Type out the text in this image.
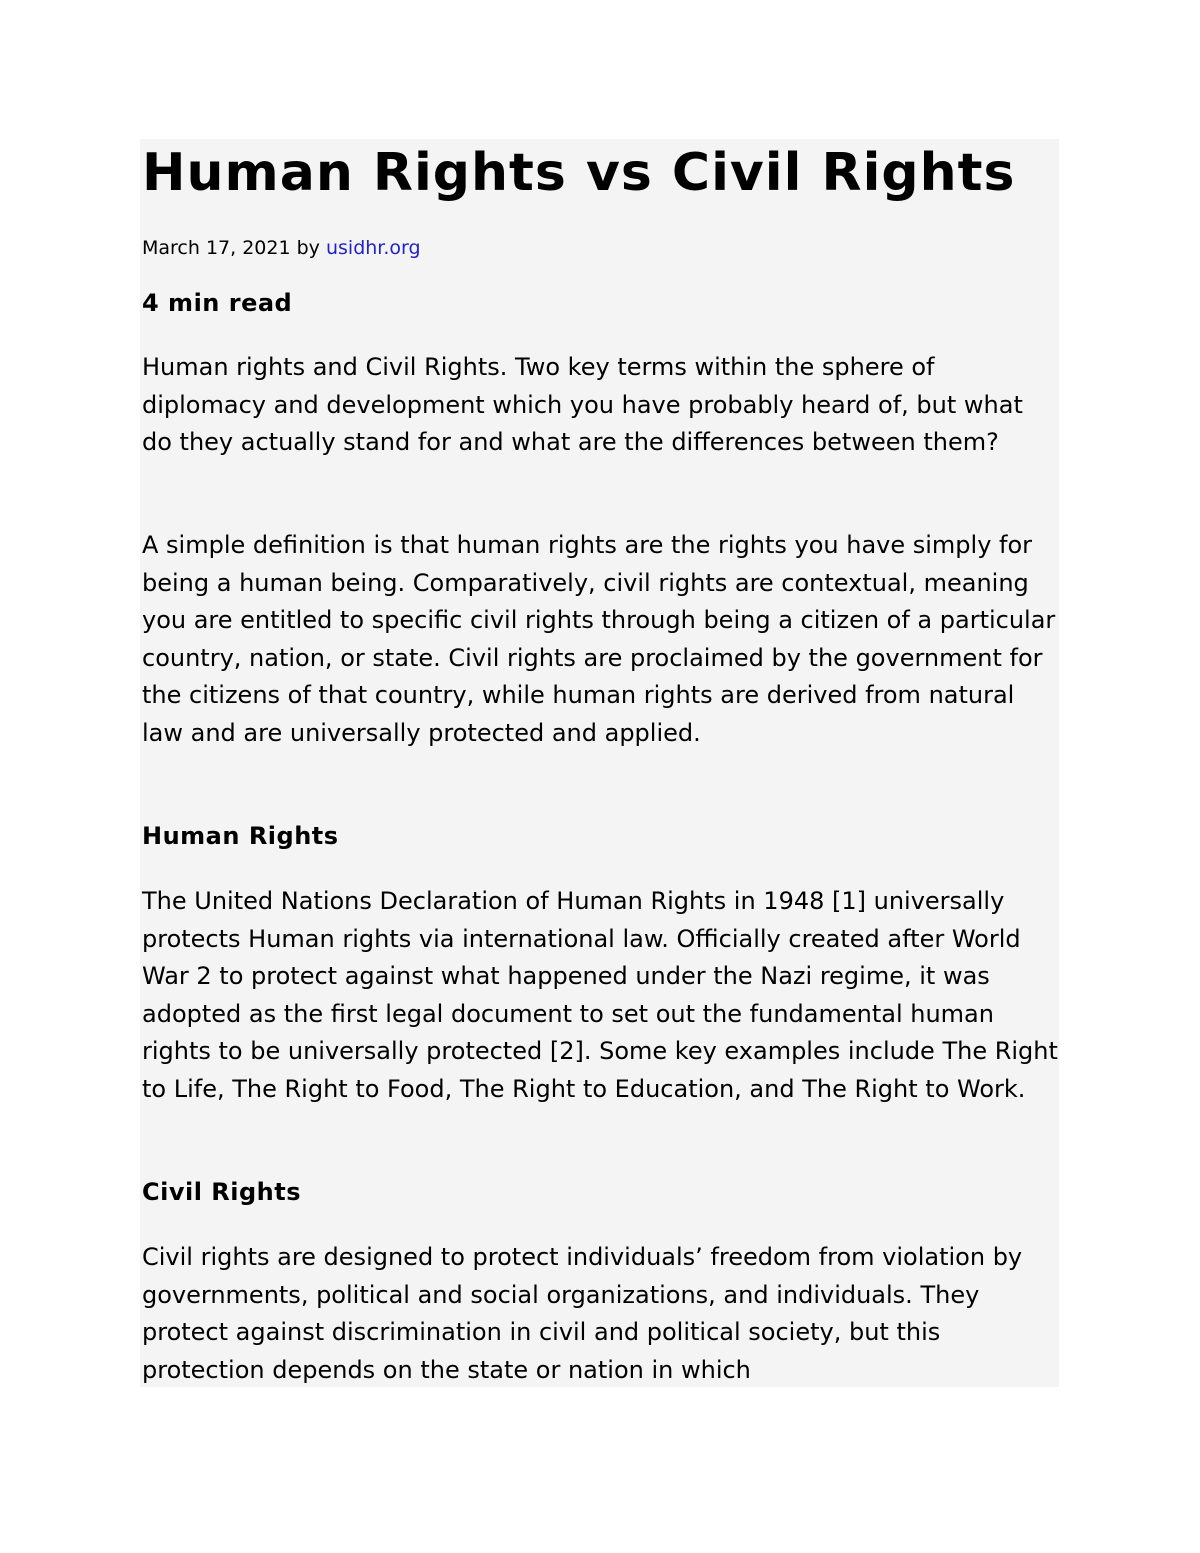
Human Rights vs Civil Rights
March 17, 2021 by usidhr.org
4 min read

Human rights and Civil Rights. Two key terms within the sphere of diplomacy and development which you have probably heard of, but what do they actually stand for and what are the differences between them?

A simple definition is that human rights are the rights you have simply for being a human being. Comparatively, civil rights are contextual, meaning you are entitled to specific civil rights through being a citizen of a particular country, nation, or state. Civil rights are proclaimed by the government for the citizens of that country, while human rights are derived from natural law and are universally protected and applied.

Human Rights

The United Nations Declaration of Human Rights in 1948 [1] universally protects Human rights via international law. Officially created after World War 2 to protect against what happened under the Nazi regime, it was adopted as the first legal document to set out the fundamental human rights to be universally protected [2]. Some key examples include The Right to Life, The Right to Food, The Right to Education, and The Right to Work.

Civil Rights

Civil rights are designed to protect individuals’ freedom from violation by governments, political and social organizations, and individuals. They protect against discrimination in civil and political society, but this protection depends on the state or nation in which
